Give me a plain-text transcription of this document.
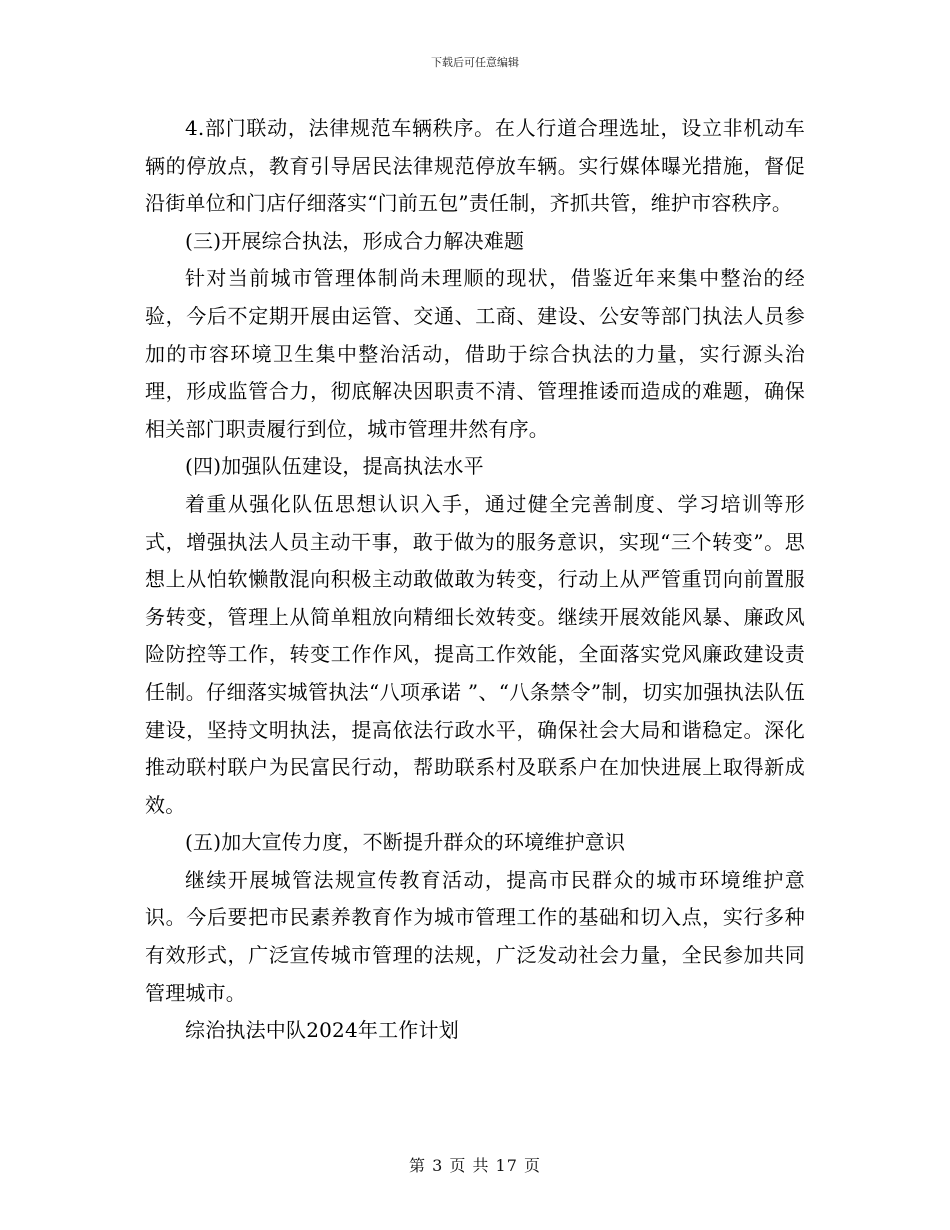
下载后可任意编辑

4.部门联动，法律规范车辆秩序。在人行道合理选址，设立非机动车辆的停放点，教育引导居民法律规范停放车辆。实行媒体曝光措施，督促沿街单位和门店仔细落实“门前五包”责任制，齐抓共管，维护市容秩序。

(三)开展综合执法，形成合力解决难题

针对当前城市管理体制尚未理顺的现状，借鉴近年来集中整治的经验，今后不定期开展由运管、交通、工商、建设、公安等部门执法人员参加的市容环境卫生集中整治活动，借助于综合执法的力量，实行源头治理，形成监管合力，彻底解决因职责不清、管理推诿而造成的难题，确保相关部门职责履行到位，城市管理井然有序。

(四)加强队伍建设，提高执法水平

着重从强化队伍思想认识入手，通过健全完善制度、学习培训等形式，增强执法人员主动干事，敢于做为的服务意识，实现“三个转变”。思想上从怕软懒散混向积极主动敢做敢为转变，行动上从严管重罚向前置服务转变，管理上从简单粗放向精细长效转变。继续开展效能风暴、廉政风险防控等工作，转变工作作风，提高工作效能，全面落实党风廉政建设责任制。仔细落实城管执法“八项承诺 ”、“八条禁令”制，切实加强执法队伍建设，坚持文明执法，提高依法行政水平，确保社会大局和谐稳定。深化推动联村联户为民富民行动，帮助联系村及联系户在加快进展上取得新成效。

(五)加大宣传力度，不断提升群众的环境维护意识

继续开展城管法规宣传教育活动，提高市民群众的城市环境维护意识。今后要把市民素养教育作为城市管理工作的基础和切入点，实行多种有效形式，广泛宣传城市管理的法规，广泛发动社会力量，全民参加共同管理城市。

综治执法中队2024年工作计划

第 3 页 共 17 页
